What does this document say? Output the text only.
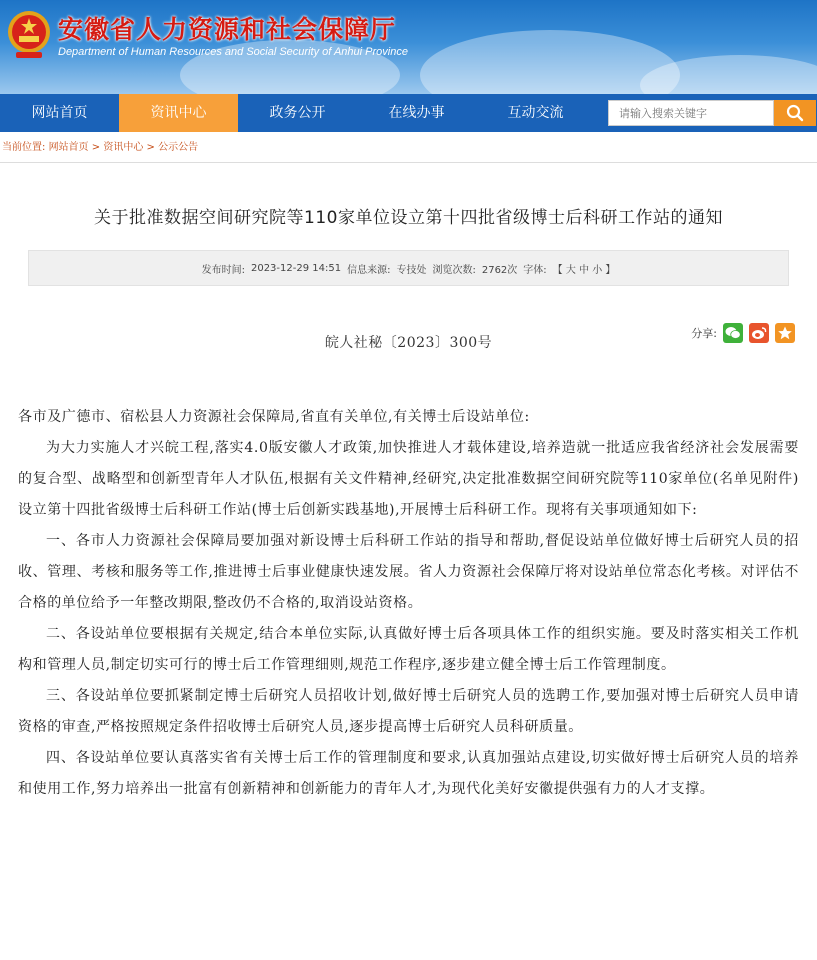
安徽省人力资源和社会保障厅
Department of Human Resources and Social Security of Anhui Province
网站首页	资讯中心	政务公开	在线办事	互动交流
请输入搜索关键字
当前位置: 网站首页 > 资讯中心 > 公示公告
关于批准数据空间研究院等110家单位设立第十四批省级博士后科研工作站的通知
发布时间: 2023-12-29 14:51 信息来源: 专技处 浏览次数: 2762次 字体: 【 大 中 小 】
分享:
皖人社秘〔2023〕300号

各市及广德市、宿松县人力资源社会保障局,省直有关单位,有关博士后设站单位:

为大力实施人才兴皖工程,落实4.0版安徽人才政策,加快推进人才载体建设,培养造就一批适应我省经济社会发展需要的复合型、战略型和创新型青年人才队伍,根据有关文件精神,经研究,决定批准数据空间研究院等110家单位(名单见附件)设立第十四批省级博士后科研工作站(博士后创新实践基地),开展博士后科研工作。现将有关事项通知如下:

一、各市人力资源社会保障局要加强对新设博士后科研工作站的指导和帮助,督促设站单位做好博士后研究人员的招收、管理、考核和服务等工作,推进博士后事业健康快速发展。省人力资源社会保障厅将对设站单位常态化考核。对评估不合格的单位给予一年整改期限,整改仍不合格的,取消设站资格。

二、各设站单位要根据有关规定,结合本单位实际,认真做好博士后各项具体工作的组织实施。要及时落实相关工作机构和管理人员,制定切实可行的博士后工作管理细则,规范工作程序,逐步建立健全博士后工作管理制度。

三、各设站单位要抓紧制定博士后研究人员招收计划,做好博士后研究人员的选聘工作,要加强对博士后研究人员申请资格的审查,严格按照规定条件招收博士后研究人员,逐步提高博士后研究人员科研质量。

四、各设站单位要认真落实省有关博士后工作的管理制度和要求,认真加强站点建设,切实做好博士后研究人员的培养和使用工作,努力培养出一批富有创新精神和创新能力的青年人才,为现代化美好安徽提供强有力的人才支撑。
